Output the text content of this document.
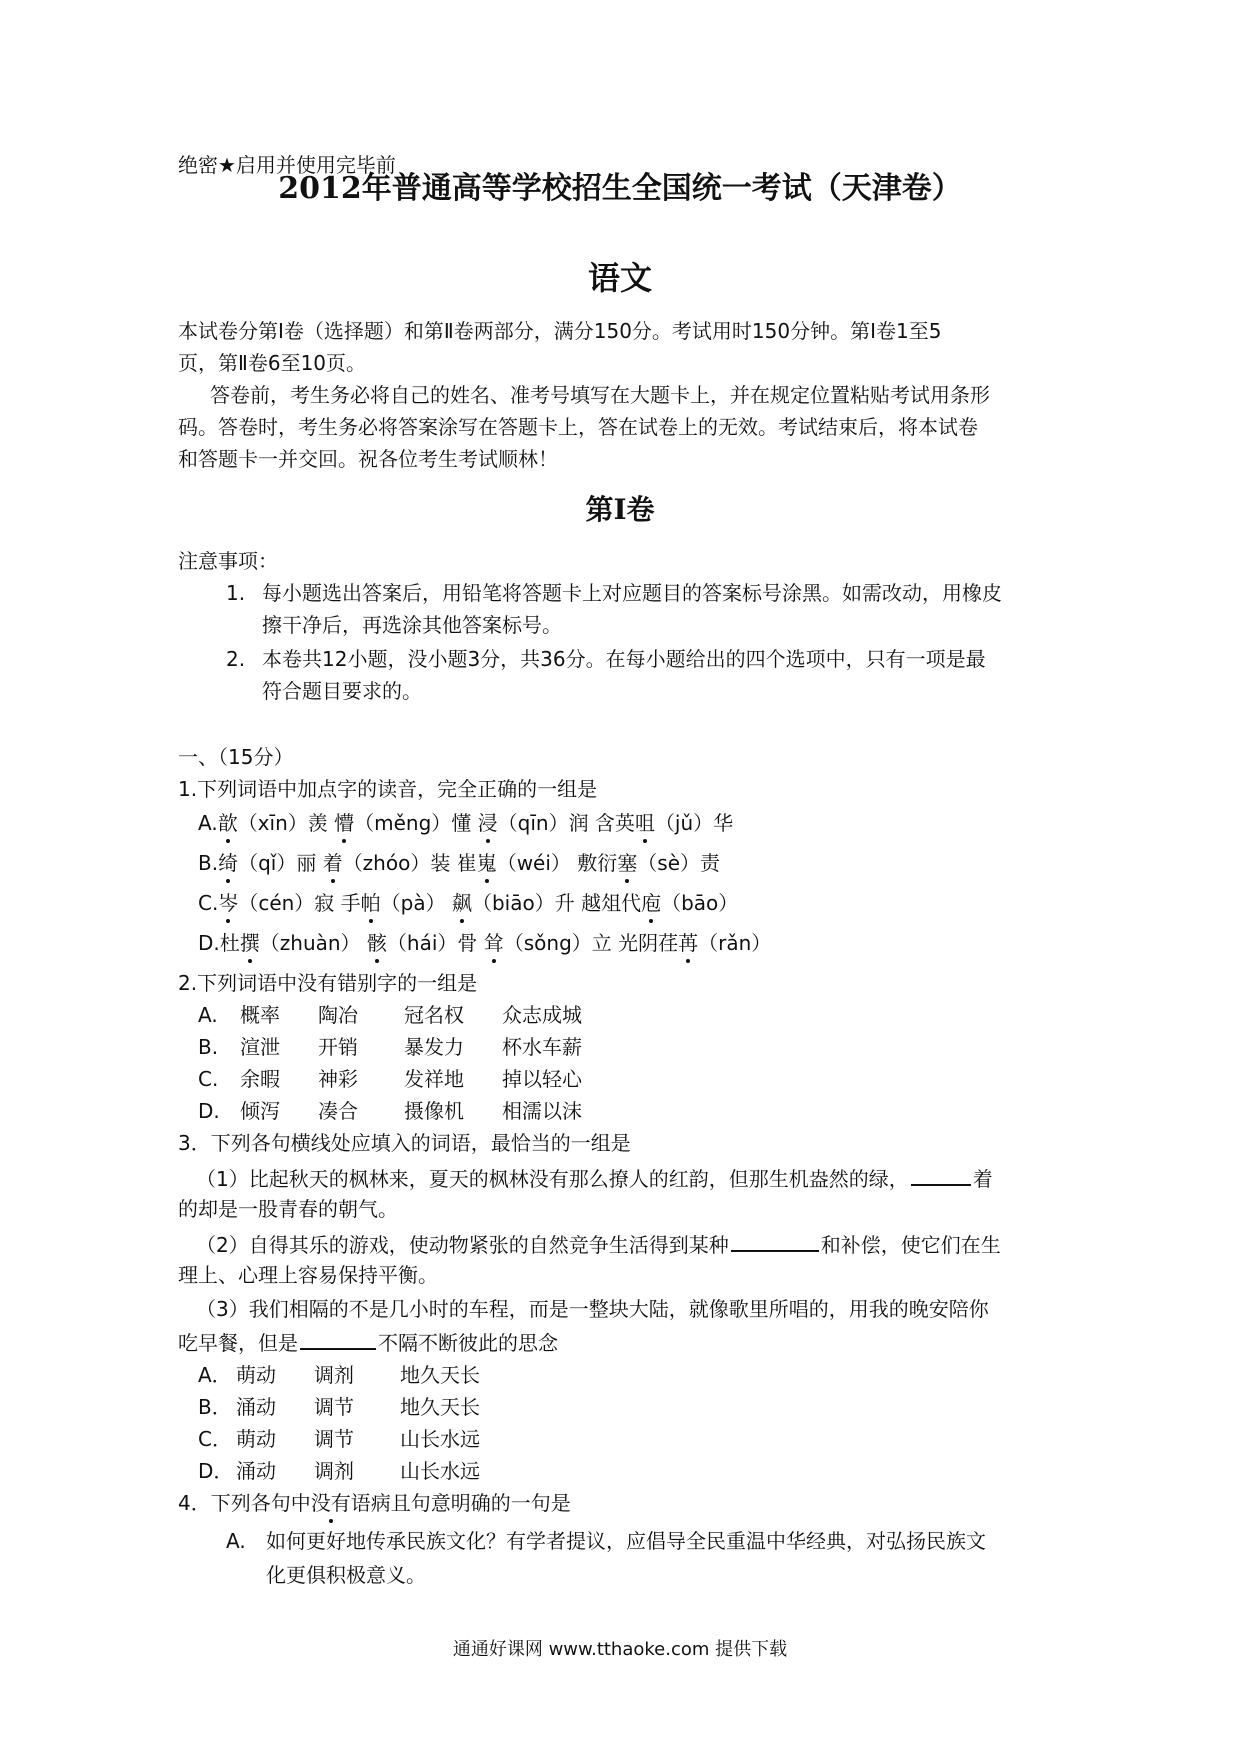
绝密★启用并使用完毕前
2012年普通高等学校招生全国统一考试（天津卷）
语文
本试卷分第Ⅰ卷（选择题）和第Ⅱ卷两部分，满分150分。考试用时150分钟。第Ⅰ卷1至5
页，第Ⅱ卷6至10页。
答卷前，考生务必将自己的姓名、准考号填写在大题卡上，并在规定位置粘贴考试用条形
码。答卷时，考生务必将答案涂写在答题卡上，答在试卷上的无效。考试结束后，将本试卷
和答题卡一并交回。祝各位考生考试顺林！
第Ⅰ卷
注意事项：
1. 每小题选出答案后，用铅笔将答题卡上对应题目的答案标号涂黑。如需改动，用橡皮
擦干净后，再选涂其他答案标号。
2. 本卷共12小题，没小题3分，共36分。在每小题给出的四个选项中，只有一项是最
符合题目要求的。
一、（15分）
1.下列词语中加点字的读音，完全正确的一组是
A.歆（xīn）羡 懵（měng）懂 浸（qīn）润 含英咀（jǔ）华
B.绮（qǐ）丽 着（zhóo）装 崔嵬（wéi） 敷衍塞（sè）责
C.岑（cén）寂 手帕（pà） 飙（biāo）升 越俎代庖（bāo）
D.杜撰（zhuàn） 骸（hái）骨 耸（sǒng）立 光阴荏苒（rǎn）
2.下列词语中没有错别字的一组是
A. 概率 陶冶 冠名权 众志成城
B. 渲泄 开销 暴发力 杯水车薪
C. 余暇 神彩 发祥地 掉以轻心
D. 倾泻 凑合 摄像机 相濡以沫
3．下列各句横线处应填入的词语，最恰当的一组是
（1）比起秋天的枫林来，夏天的枫林没有那么撩人的红韵，但那生机盎然的绿，	着
的却是一股青春的朝气。
（2）自得其乐的游戏，使动物紧张的自然竞争生活得到某种	和补偿，使它们在生
理上、心理上容易保持平衡。
（3）我们相隔的不是几小时的车程，而是一整块大陆，就像歌里所唱的，用我的晚安陪你
吃早餐，但是	不隔不断彼此的思念
A． 萌动 调剂 地久天长
B． 涌动 调节 地久天长
C． 萌动 调节 山长水远
D． 涌动 调剂 山长水远
4．下列各句中没有语病且句意明确的一句是
A. 如何更好地传承民族文化？有学者提议，应倡导全民重温中华经典，对弘扬民族文
化更俱积极意义。
通通好课网 www.tthaoke.com 提供下载
